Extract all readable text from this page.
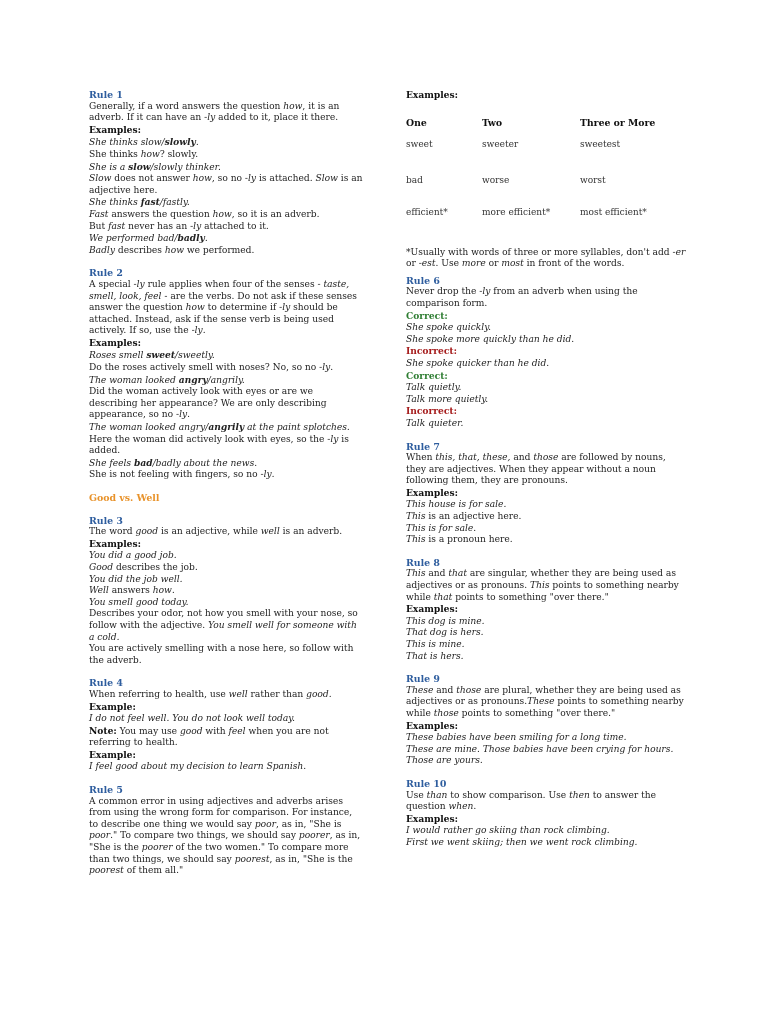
Rule 1

Generally, if a word answers the question how, it is an adverb. If it can have an -ly added to it, place it there.

Examples:

She thinks slow/slowly.

She thinks how? slowly.

She is a slow/slowly thinker.

Slow does not answer how, so no -ly is attached. Slow is an adjective here.

She thinks fast/fastly.

Fast answers the question how, so it is an adverb.

But fast never has an -ly attached to it.

We performed bad/badly.

Badly describes how we performed.

Rule 2

A special -ly rule applies when four of the senses - taste, smell, look, feel - are the verbs. Do not ask if these senses answer the question how to determine if -ly should be attached. Instead, ask if the sense verb is being used actively. If so, use the -ly.

Examples:

Roses smell sweet/sweetly.

Do the roses actively smell with noses? No, so no -ly.

The woman looked angry/angrily.

Did the woman actively look with eyes or are we describing her appearance? We are only describing appearance, so no -ly.

The woman looked angry/angrily at the paint splotches.

Here the woman did actively look with eyes, so the -ly is added.

She feels bad/badly about the news.

She is not feeling with fingers, so no -ly.

Good vs. Well
Rule 3

The word good is an adjective, while well is an adverb.

Examples:

You did a good job.

Good describes the job.

You did the job well.

Well answers how.

You smell good today.

Describes your odor, not how you smell with your nose, so follow with the adjective. You smell well for someone with a cold.

You are actively smelling with a nose here, so follow with the adverb.

Rule 4

When referring to health, use well rather than good.

Example:

I do not feel well. You do not look well today.

Note: You may use good with feel when you are not referring to health.

Example:

I feel good about my decision to learn Spanish.

Rule 5

A common error in using adjectives and adverbs arises from using the wrong form for comparison. For instance, to describe one thing we would say poor, as in, "She is poor." To compare two things, we should say poorer, as in, "She is the poorer of the two women." To compare more than two things, we should say poorest, as in, "She is the poorest of them all."

Examples:
One	Two	Three or More
sweet	sweeter	sweetest
bad	worse	worst
efficient*	more efficient*	most efficient*
*Usually with words of three or more syllables, don't add -er or -est. Use more or most in front of the words.
Rule 6

Never drop the -ly from an adverb when using the comparison form.

Correct:

She spoke quickly.

She spoke more quickly than he did.

Incorrect:

She spoke quicker than he did.

Correct:

Talk quietly.

Talk more quietly.

Incorrect:

Talk quieter.

Rule 7

When this, that, these, and those are followed by nouns, they are adjectives. When they appear without a noun following them, they are pronouns.

Examples:

This house is for sale.

This is an adjective here.

This is for sale.

This is a pronoun here.

Rule 8

This and that are singular, whether they are being used as adjectives or as pronouns. This points to something nearby while that points to something "over there."

Examples:

This dog is mine.

That dog is hers.

This is mine.

That is hers.

Rule 9

These and those are plural, whether they are being used as adjectives or as pronouns.These points to something nearby while those points to something "over there."

Examples:

These babies have been smiling for a long time.

These are mine. Those babies have been crying for hours. Those are yours.

Rule 10

Use than to show comparison. Use then to answer the question when.

Examples:

I would rather go skiing than rock climbing.

First we went skiing; then we went rock climbing.
